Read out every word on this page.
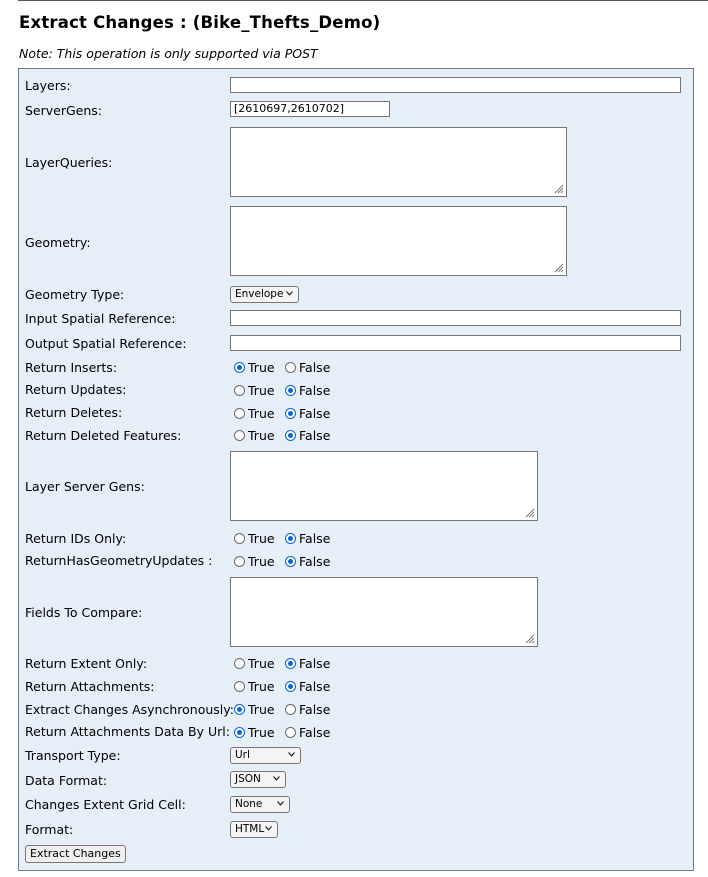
Extract Changes : (Bike_Thefts_Demo)
Note: This operation is only supported via POST
Layers:
ServerGens:	[2610697,2610702]
LayerQueries:
Geometry:
Geometry Type:	Envelope
Input Spatial Reference:
Output Spatial Reference:
Return Inserts:	True False
Return Updates:	True False
Return Deletes:	True False
Return Deleted Features:	True False
Layer Server Gens:
Return IDs Only:	True False
ReturnHasGeometryUpdates :	True False
Fields To Compare:
Return Extent Only:	True False
Return Attachments:	True False
Extract Changes Asynchronously: True False
Return Attachments Data By Url: True False
Transport Type:	Url
Data Format:	JSON
Changes Extent Grid Cell:	None
Format:	HTML
Extract Changes
